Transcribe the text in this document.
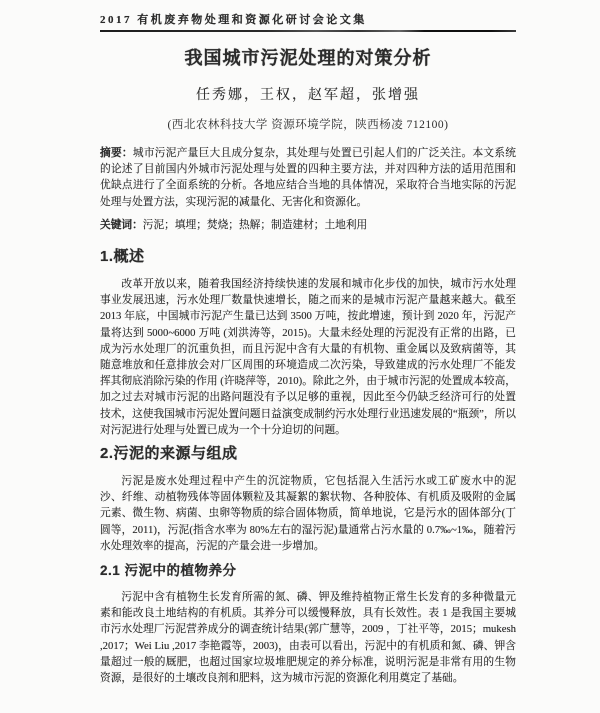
2017 有机废弃物处理和资源化研讨会论文集
我国城市污泥处理的对策分析
任秀娜，王权，赵军超，张增强
(西北农林科技大学 资源环境学院，陕西杨凌 712100)

摘要：城市污泥产量巨大且成分复杂，其处理与处置已引起人们的广泛关注。本文系统的论述了目前国内外城市污泥处理与处置的四种主要方法，并对四种方法的适用范围和优缺点进行了全面系统的分析。各地应结合当地的具体情况，采取符合当地实际的污泥处理与处置方法，实现污泥的减量化、无害化和资源化。

关键词：污泥；填埋；焚烧；热解；制造建材；土地利用

1.概述

改革开放以来，随着我国经济持续快速的发展和城市化步伐的加快，城市污水处理事业发展迅速，污水处理厂数量快速增长，随之而来的是城市污泥产量越来越大。截至 2013 年底，中国城市污泥产生量已达到 3500 万吨，按此增速，预计到 2020 年，污泥产量将达到 5000~6000 万吨 (刘洪涛等，2015)。大量未经处理的污泥没有正常的出路，已成为污水处理厂的沉重负担，而且污泥中含有大量的有机物、重金属以及致病菌等，其随意堆放和任意排放会对厂区周围的环境造成二次污染，导致建成的污水处理厂不能发挥其彻底消除污染的作用 (许晓萍等，2010)。除此之外，由于城市污泥的处置成本较高，加之过去对城市污泥的出路问题没有予以足够的重视，因此至今仍缺乏经济可行的处置技术，这使我国城市污泥处置问题日益演变成制约污水处理行业迅速发展的“瓶颈”，所以对污泥进行处理与处置已成为一个十分迫切的问题。

2.污泥的来源与组成

污泥是废水处理过程中产生的沉淀物质，它包括混入生活污水或工矿废水中的泥沙、纤维、动植物残体等固体颗粒及其凝絮的絮状物、各种胶体、有机质及吸附的金属元素、微生物、病菌、虫卵等物质的综合固体物质，简单地说，它是污水的固体部分(丁圆等，2011)，污泥(指含水率为 80%左右的湿污泥)量通常占污水量的 0.7‰~1‰，随着污水处理效率的提高，污泥的产量会进一步增加。

2.1 污泥中的植物养分

污泥中含有植物生长发育所需的氮、磷、钾及维持植物正常生长发育的多种微量元素和能改良土地结构的有机质。其养分可以缓慢释放，具有长效性。表 1 是我国主要城市污水处理厂污泥营养成分的调查统计结果(郭广慧等，2009 ，丁社平等，2015；mukesh ,2017；Wei Liu ,2017 李艳霞等，2003)，由表可以看出，污泥中的有机质和氮、磷、钾含量超过一般的厩肥，也超过国家垃圾堆肥规定的养分标准，说明污泥是非常有用的生物资源，是很好的土壤改良剂和肥料，这为城市污泥的资源化利用奠定了基础。
